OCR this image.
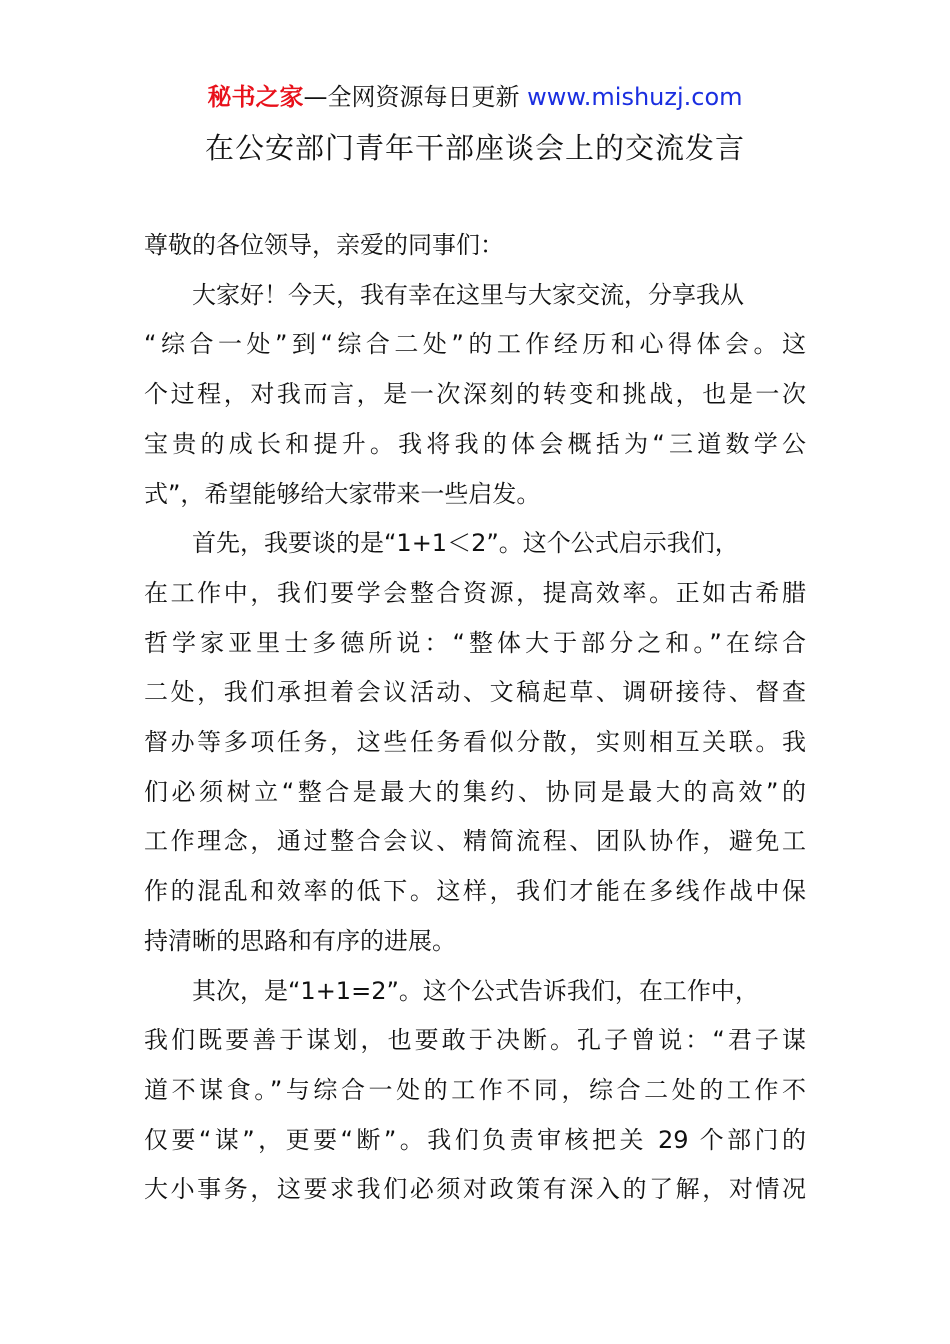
秘书之家—全网资源每日更新 www.mishuzj.com
在公安部门青年干部座谈会上的交流发言
尊敬的各位领导，亲爱的同事们：
大家好！今天，我有幸在这里与大家交流，分享我从
“综合一处”到“综合二处”的工作经历和心得体会。这
个过程，对我而言，是一次深刻的转变和挑战，也是一次
宝贵的成长和提升。我将我的体会概括为“三道数学公
式”，希望能够给大家带来一些启发。
首先，我要谈的是“1+1＜2”。这个公式启示我们，
在工作中，我们要学会整合资源，提高效率。正如古希腊
哲学家亚里士多德所说：“整体大于部分之和。”在综合
二处，我们承担着会议活动、文稿起草、调研接待、督查
督办等多项任务，这些任务看似分散，实则相互关联。我
们必须树立“整合是最大的集约、协同是最大的高效”的
工作理念，通过整合会议、精简流程、团队协作，避免工
作的混乱和效率的低下。这样，我们才能在多线作战中保
持清晰的思路和有序的进展。
其次，是“1+1=2”。这个公式告诉我们，在工作中，
我们既要善于谋划，也要敢于决断。孔子曾说：“君子谋
道不谋食。”与综合一处的工作不同，综合二处的工作不
仅要“谋”，更要“断”。我们负责审核把关 29 个部门的
大小事务，这要求我们必须对政策有深入的了解，对情况
